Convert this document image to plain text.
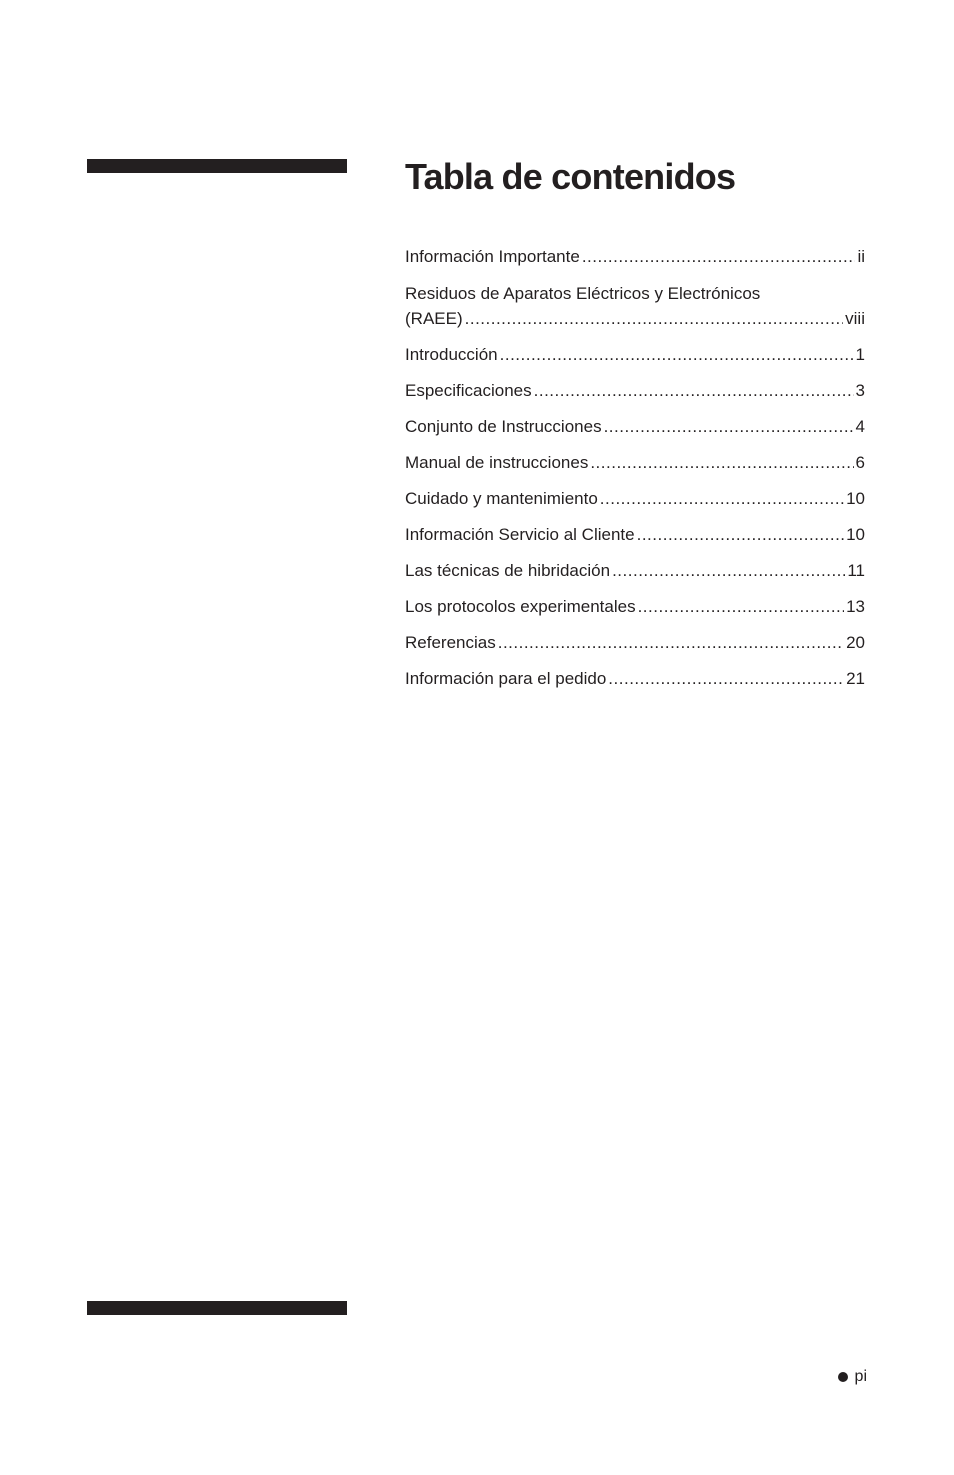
Tabla de contenidos
Información Importante .....	ii
Residuos de Aparatos Eléctricos y Electrónicos
(RAEE) .....	viii
Introducción .....	1
Especificaciones .....	3
Conjunto de Instrucciones .....	4
Manual de instrucciones .....	6
Cuidado y mantenimiento .....	10
Información Servicio al Cliente .....	10
Las técnicas de hibridación .....	11
Los protocolos experimentales .....	13
Referencias .....	20
Información para el pedido .....	21
pi
